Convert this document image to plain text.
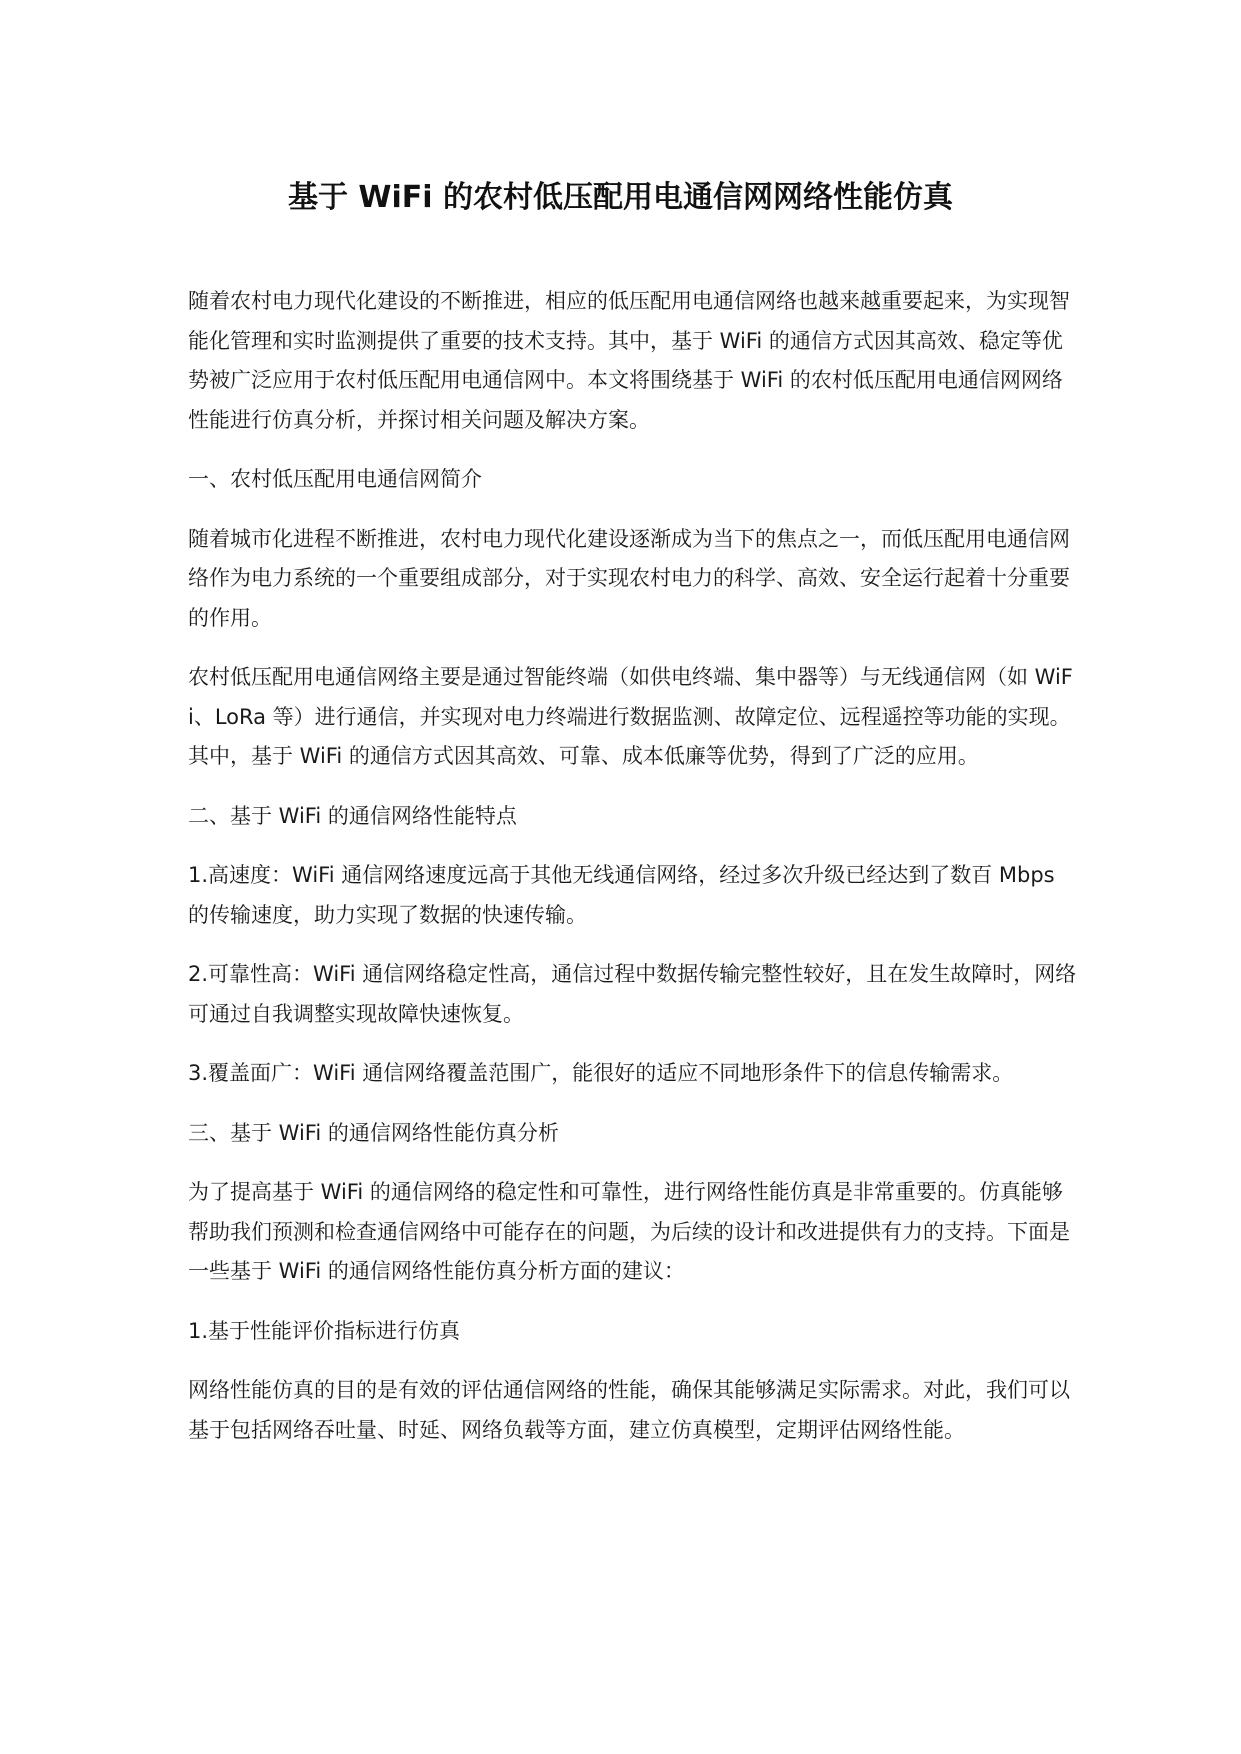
基于 WiFi 的农村低压配用电通信网网络性能仿真

随着农村电力现代化建设的不断推进，相应的低压配用电通信网络也越来越重要起来，为实现智能化管理和实时监测提供了重要的技术支持。其中，基于 WiFi 的通信方式因其高效、稳定等优势被广泛应用于农村低压配用电通信网中。本文将围绕基于 WiFi 的农村低压配用电通信网网络性能进行仿真分析，并探讨相关问题及解决方案。

一、农村低压配用电通信网简介

随着城市化进程不断推进，农村电力现代化建设逐渐成为当下的焦点之一，而低压配用电通信网络作为电力系统的一个重要组成部分，对于实现农村电力的科学、高效、安全运行起着十分重要的作用。

农村低压配用电通信网络主要是通过智能终端（如供电终端、集中器等）与无线通信网（如 WiFi、LoRa 等）进行通信，并实现对电力终端进行数据监测、故障定位、远程遥控等功能的实现。其中，基于 WiFi 的通信方式因其高效、可靠、成本低廉等优势，得到了广泛的应用。

二、基于 WiFi 的通信网络性能特点

1.高速度：WiFi 通信网络速度远高于其他无线通信网络，经过多次升级已经达到了数百 Mbps 的传输速度，助力实现了数据的快速传输。

2.可靠性高：WiFi 通信网络稳定性高，通信过程中数据传输完整性较好，且在发生故障时，网络可通过自我调整实现故障快速恢复。

3.覆盖面广：WiFi 通信网络覆盖范围广，能很好的适应不同地形条件下的信息传输需求。

三、基于 WiFi 的通信网络性能仿真分析

为了提高基于 WiFi 的通信网络的稳定性和可靠性，进行网络性能仿真是非常重要的。仿真能够帮助我们预测和检查通信网络中可能存在的问题，为后续的设计和改进提供有力的支持。下面是一些基于 WiFi 的通信网络性能仿真分析方面的建议：

1.基于性能评价指标进行仿真

网络性能仿真的目的是有效的评估通信网络的性能，确保其能够满足实际需求。对此，我们可以基于包括网络吞吐量、时延、网络负载等方面，建立仿真模型，定期评估网络性能。
